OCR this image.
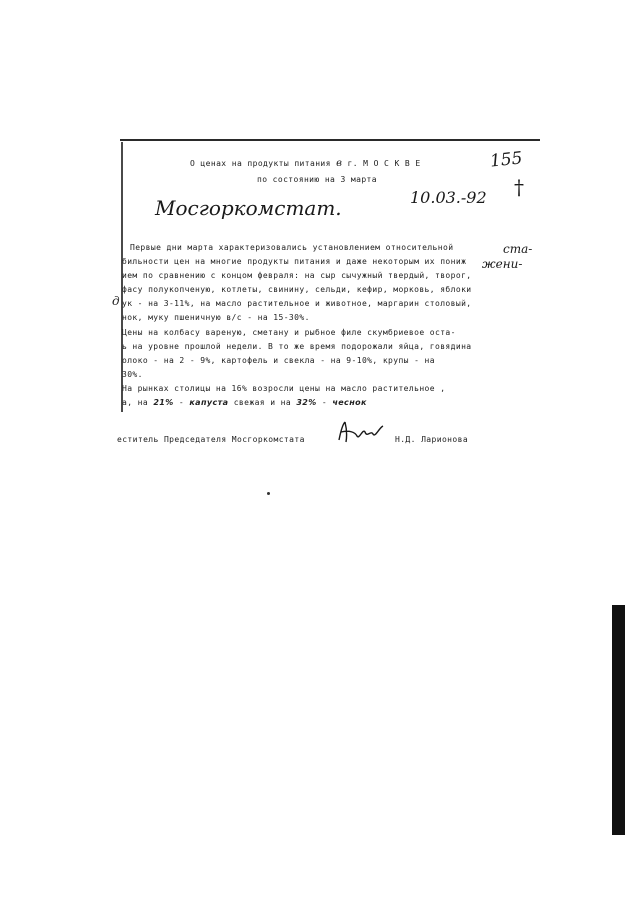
О ценах на продукты питания в г. М О С К В Е
по состоянию на 3 марта
155
†
Мосгоркомстат.	10.03.-92
ста-
жени-
д
Первые дни марта характеризовались установлением относительной
бильности цен на многие продукты питания и даже некоторым их пониж
ием по сравнению с концом февраля: на сыр сычужный твердый, творог,
фасу полукопченую, котлеты, свинину, сельди, кефир, морковь, яблоки
ук - на 3-11%, на масло растительное и животное, маргарин столовый,
нок, муку пшеничную в/с - на 15-30%.
Цены на колбасу вареную, сметану и рыбное филе скумбриевое оста-
ь на уровне прошлой недели. В то же время подорожали яйца, говядина
олоко - на 2 - 9%, картофель и свекла - на 9-10%, крупы - на
30%.
На рынках столицы на 16% возросли цены на масло растительное ,
а, на 21% - капуста свежая и на 32% - чеснок
еститель Председателя Мосгоркомстата	Н.Д. Ларионова
